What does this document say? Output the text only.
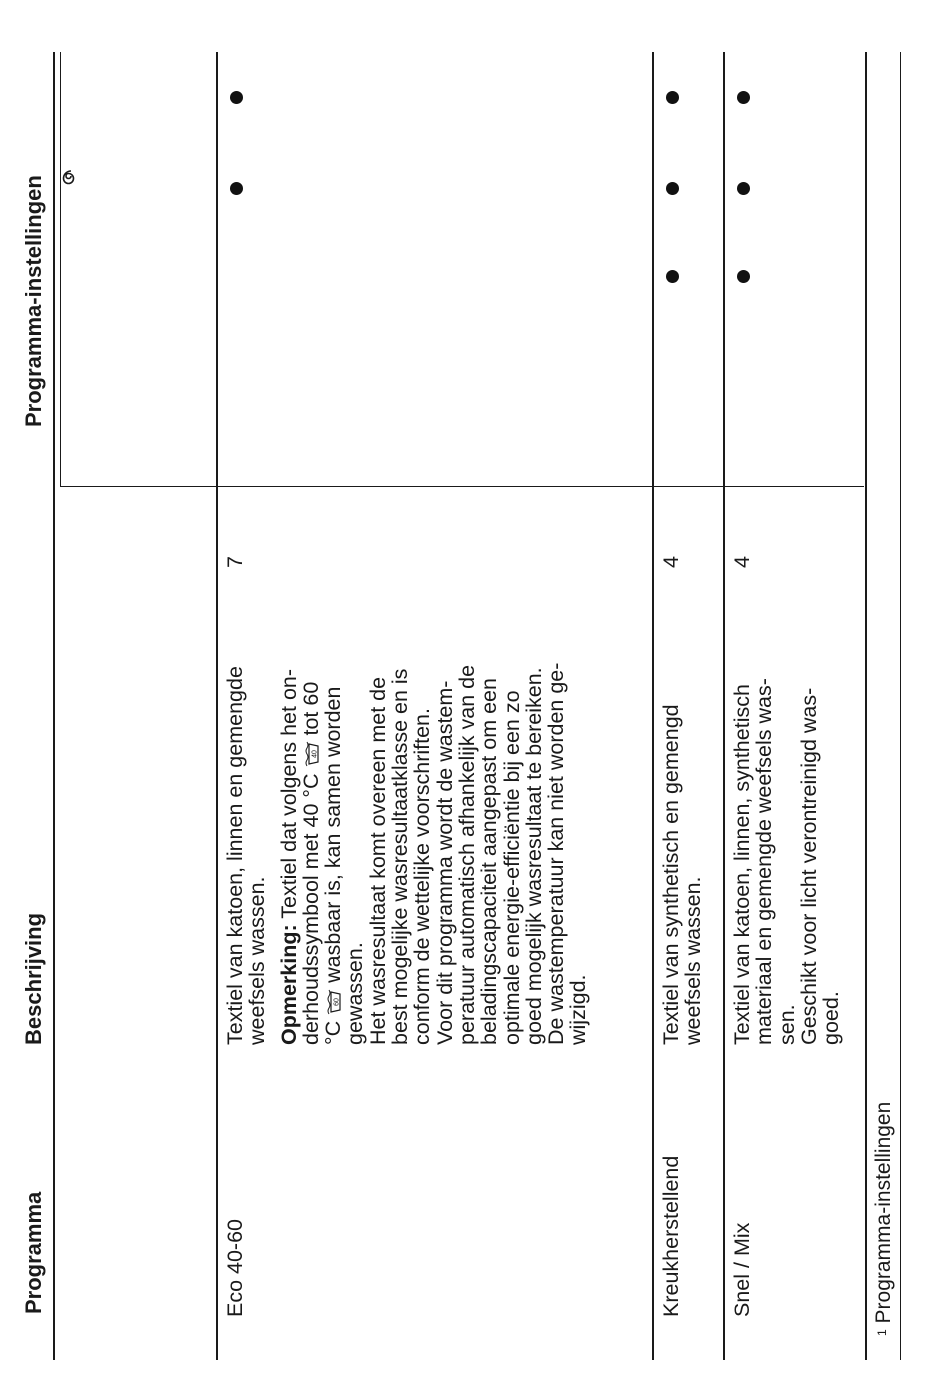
Programma
Beschrijving
Programma-instellingen
Eco 40-60
Textiel van katoen, linnen en gemengde
weefsels wassen. Opmerking: Textiel dat volgens het on-
derhoudssymbool met 40 °C
40
tot 60
°C
60
wasbaar is, kan samen worden
gewassen.
Het wasresultaat komt overeen met de
best mogelijke wasresultaatklasse en is
conform de wettelijke voorschriften.
Voor dit programma wordt de wastem-
peratuur automatisch afhankelijk van de
beladingscapaciteit aangepast om een
optimale energie-efficiëntie bij een zo
goed mogelijk wasresultaat te bereiken.
De wastemperatuur kan niet worden ge-
wijzigd.
7
Kreukherstellend
Textiel van synthetisch en gemengd
weefsels wassen.
4
Snel / Mix
Textiel van katoen, linnen, synthetisch
materiaal en gemengde weefsels was-
sen.
Geschikt voor licht verontreinigd was-
goed.
4
$^1$ Programma-instellingen
